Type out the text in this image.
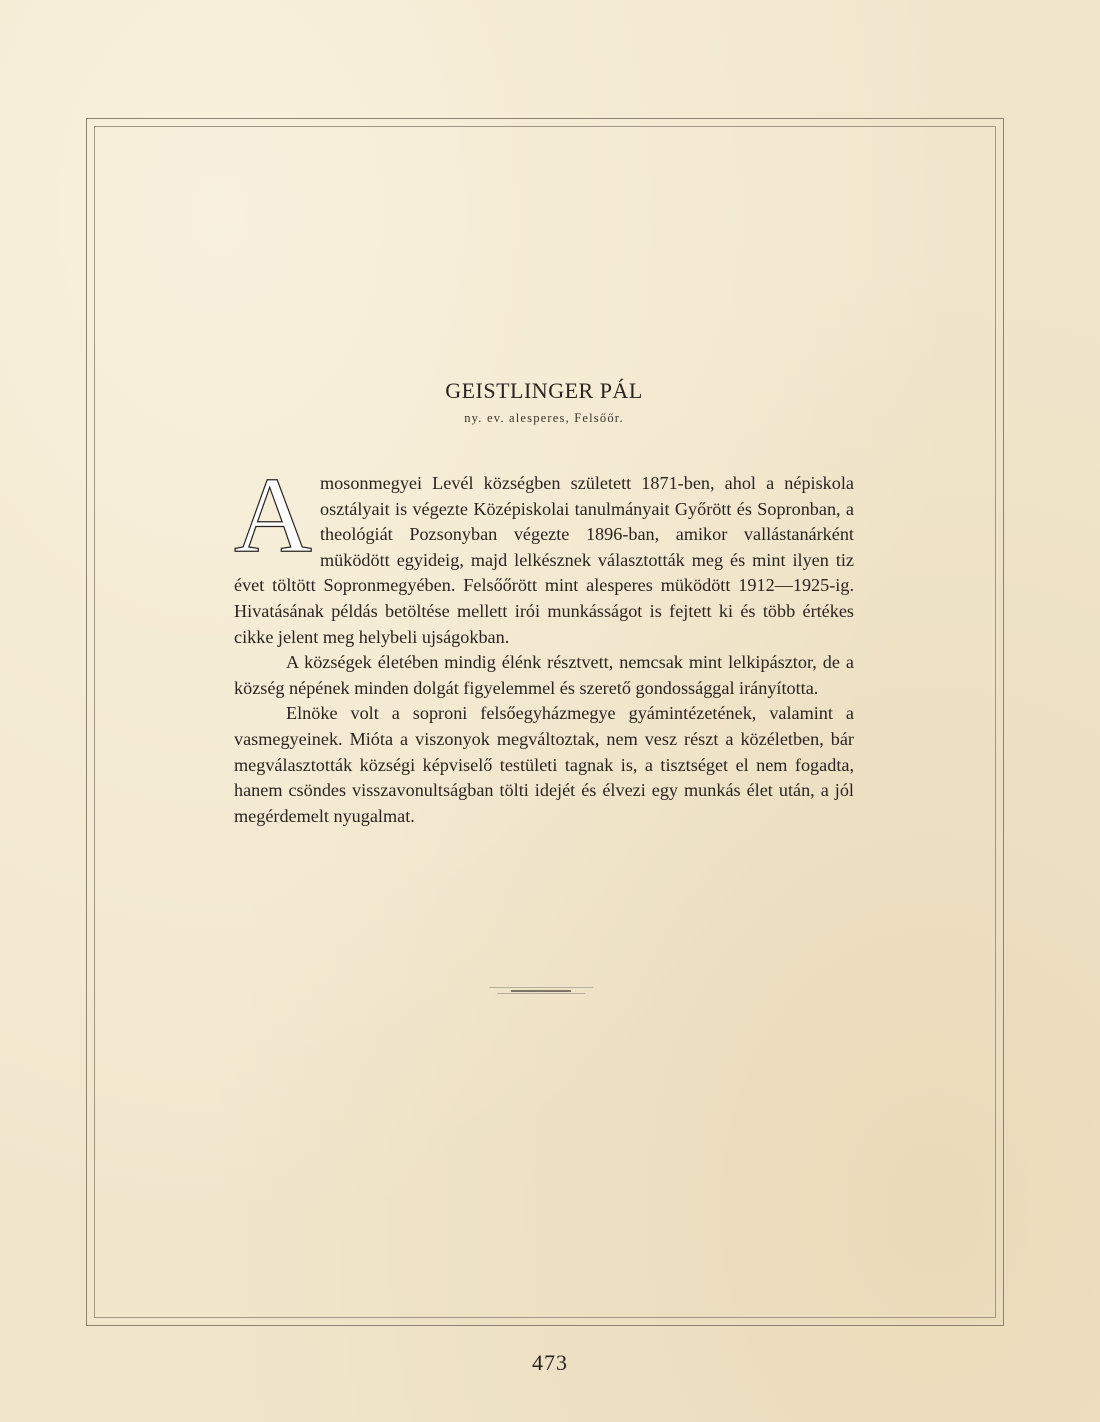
GEISTLINGER PÁL
ny. ev. alesperes, Felsőőr.

Amosonmegyei Levél községben született 1871-ben, ahol a népiskola osztályait is végezte Középiskolai tanulmányait Győrött és Sopronban, a theológiát Pozsonyban végezte 1896-ban, amikor vallástanárként müködött egyideig, majd lelkésznek választották meg és mint ilyen tiz évet töltött Sopronmegyében. Felsőőrött mint alesperes müködött 1912—1925-ig. Hivatásának példás betöltése mellett irói munkásságot is fejtett ki és több értékes cikke jelent meg helybeli ujságokban.

A községek életében mindig élénk résztvett, nemcsak mint lelkipásztor, de a község népének minden dolgát figyelemmel és szerető gondossággal irányította.

Elnöke volt a soproni felsőegyházmegye gyámintézetének, valamint a vasmegyeinek. Mióta a viszonyok megváltoztak, nem vesz részt a közéletben, bár megválasztották községi képviselő testületi tagnak is, a tisztséget el nem fogadta, hanem csöndes visszavonultságban tölti idejét és élvezi egy munkás élet után, a jól megérdemelt nyugalmat.

473
